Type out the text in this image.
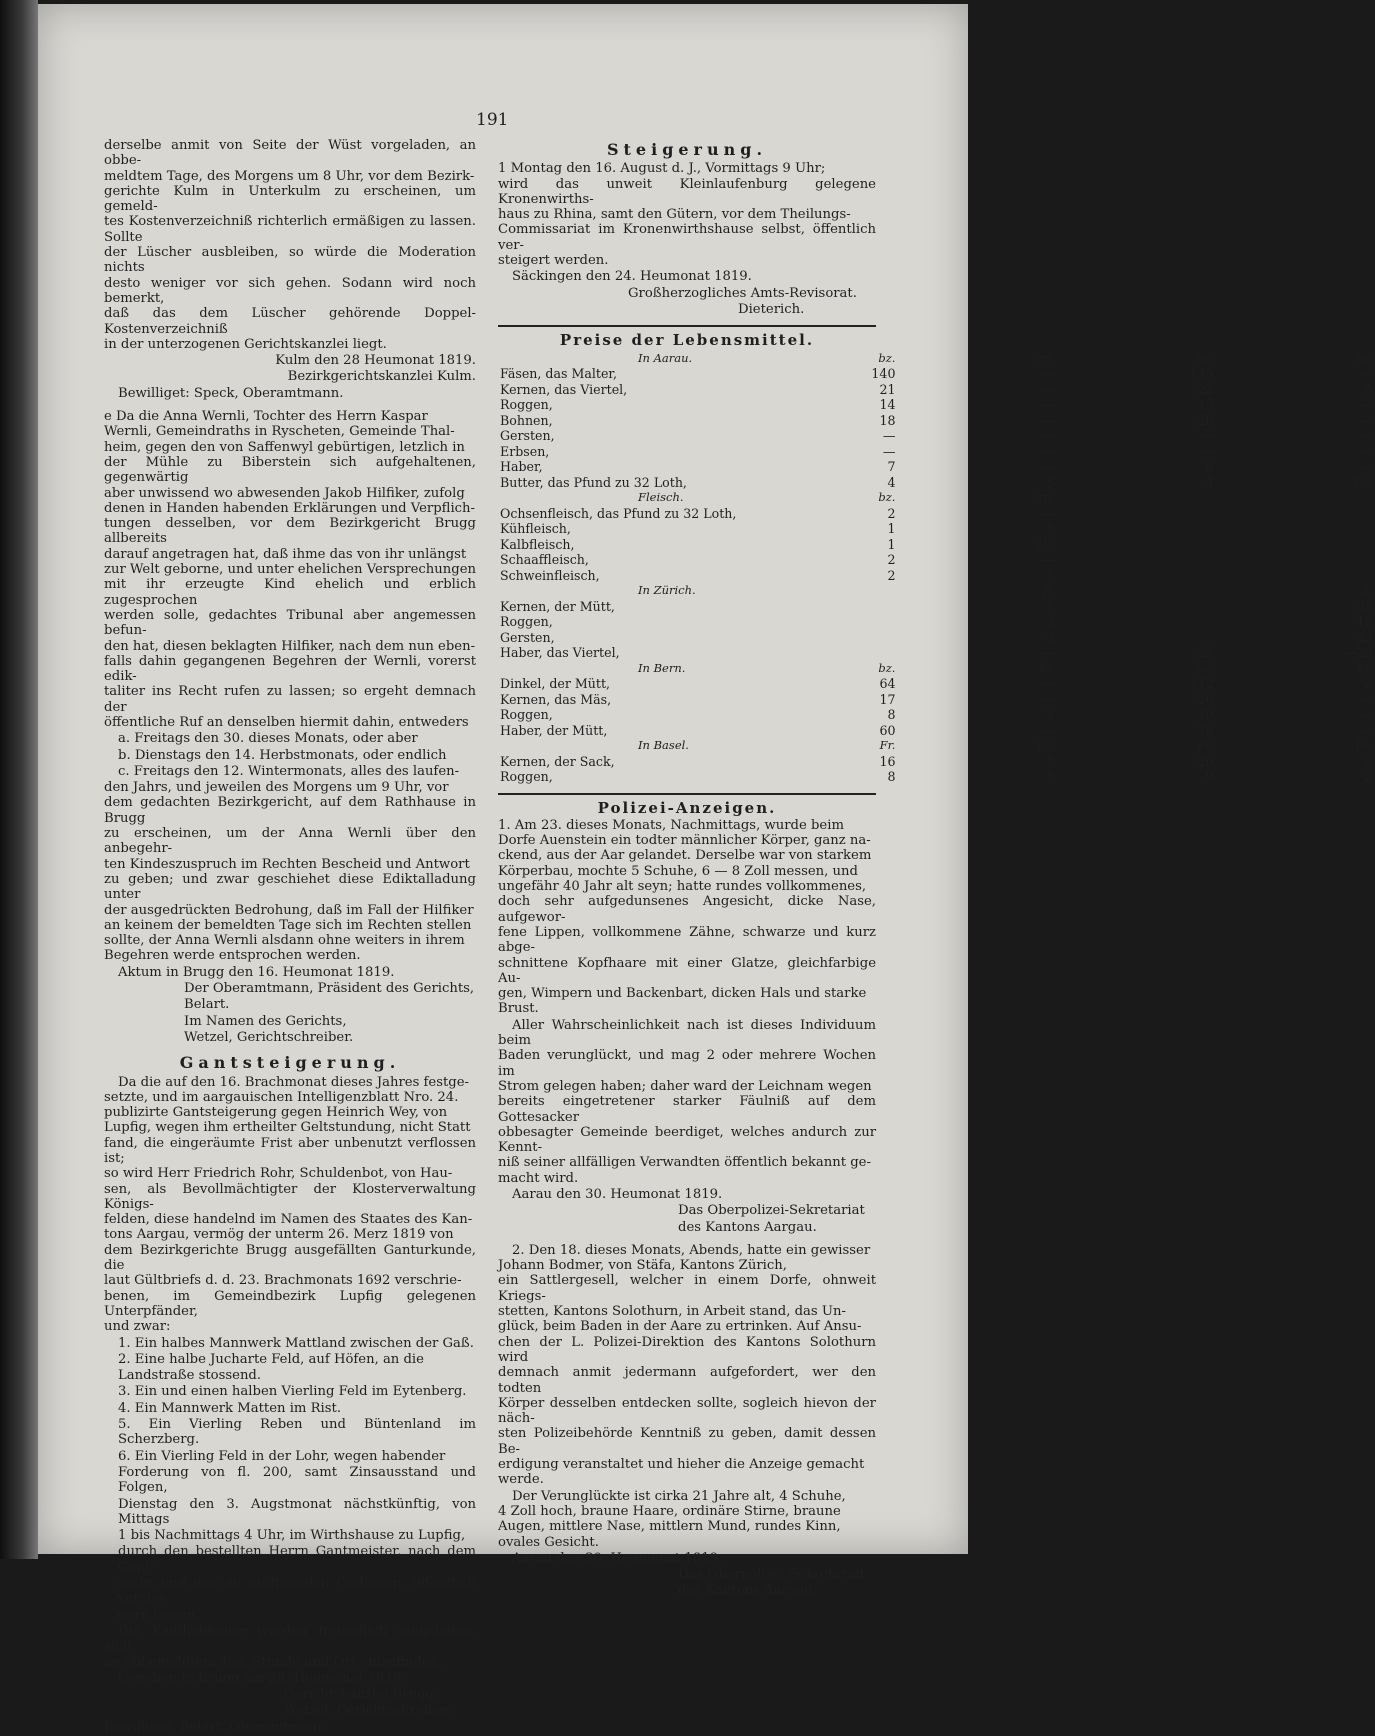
191

derselbe anmit von Seite der Wüst vorgeladen, an obbe-
meldtem Tage, des Morgens um 8 Uhr, vor dem Bezirk-
gerichte Kulm in Unterkulm zu erscheinen, um gemeld-
tes Kostenverzeichniß richterlich ermäßigen zu lassen. Sollte
der Lüscher ausbleiben, so würde die Moderation nichts
desto weniger vor sich gehen. Sodann wird noch bemerkt,
daß das dem Lüscher gehörende Doppel-Kostenverzeichniß
in der unterzogenen Gerichtskanzlei liegt.

Kulm den 28 Heumonat 1819.

Bezirkgerichtskanzlei Kulm.

Bewilliget: Speck, Oberamtmann.

e Da die Anna Wernli, Tochter des Herrn Kaspar
Wernli, Gemeindraths in Ryscheten, Gemeinde Thal-
heim, gegen den von Saffenwyl gebürtigen, letzlich in
der Mühle zu Biberstein sich aufgehaltenen, gegenwärtig
aber unwissend wo abwesenden Jakob Hilfiker, zufolg
denen in Handen habenden Erklärungen und Verpflich-
tungen desselben, vor dem Bezirkgericht Brugg allbereits
darauf angetragen hat, daß ihme das von ihr unlängst
zur Welt geborne, und unter ehelichen Versprechungen
mit ihr erzeugte Kind ehelich und erblich zugesprochen
werden solle, gedachtes Tribunal aber angemessen befun-
den hat, diesen beklagten Hilfiker, nach dem nun eben-
falls dahin gegangenen Begehren der Wernli, vorerst edik-
taliter ins Recht rufen zu lassen; so ergeht demnach der
öffentliche Ruf an denselben hiermit dahin, entweders

a. Freitags den 30. dieses Monats, oder aber

b. Dienstags den 14. Herbstmonats, oder endlich

c. Freitags den 12. Wintermonats, alles des laufen-

den Jahrs, und jeweilen des Morgens um 9 Uhr, vor
dem gedachten Bezirkgericht, auf dem Rathhause in Brugg
zu erscheinen, um der Anna Wernli über den anbegehr-
ten Kindeszuspruch im Rechten Bescheid und Antwort
zu geben; und zwar geschiehet diese Ediktalladung unter
der ausgedrückten Bedrohung, daß im Fall der Hilfiker
an keinem der bemeldten Tage sich im Rechten stellen
sollte, der Anna Wernli alsdann ohne weiters in ihrem
Begehren werde entsprochen werden.

Aktum in Brugg den 16. Heumonat 1819.

Der Oberamtmann, Präsident des Gerichts,

Belart.

Im Namen des Gerichts,

Wetzel, Gerichtschreiber.

Gantsteigerung.

Da die auf den 16. Brachmonat dieses Jahres festge-
setzte, und im aargauischen Intelligenzblatt Nro. 24.
publizirte Gantsteigerung gegen Heinrich Wey, von
Lupfig, wegen ihm ertheilter Geltstundung, nicht Statt
fand, die eingeräumte Frist aber unbenutzt verflossen ist;
so wird Herr Friedrich Rohr, Schuldenbot, von Hau-
sen, als Bevollmächtigter der Klosterverwaltung Königs-
felden, diese handelnd im Namen des Staates des Kan-
tons Aargau, vermög der unterm 26. Merz 1819 von
dem Bezirkgerichte Brugg ausgefällten Ganturkunde, die
laut Gültbriefs d. d. 23. Brachmonats 1692 verschrie-
benen, im Gemeindbezirk Lupfig gelegenen Unterpfänder,
und zwar:

1. Ein halbes Mannwerk Mattland zwischen der Gaß.

2. Eine halbe Jucharte Feld, auf Höfen, an die

Landstraße stossend.

3. Ein und einen halben Vierling Feld im Eytenberg.

4. Ein Mannwerk Matten im Rist.

5. Ein Vierling Reben und Büntenland im Scherzberg.

6. Ein Vierling Feld in der Lohr, wegen habender

Forderung von fl. 200, samt Zinsausstand und Folgen,

Dienstag den 3. Augstmonat nächstkünftig, von Mittags

1 bis Nachmittags 4 Uhr, im Wirthshause zu Lupfig,

durch den bestellten Herrn Gantmeister, nach dem Gant-

recht und den zu eröffnenden Gedingen, öffentlich verstei-

gern lassen.

Die Kaufliebhaber werden freundlich eingeladen, sich
an obbemeldtem Tag, Stunde und Ort einzufinden.

Gegeben in Brugg am 28. Heumonat 1819.

Gerichtskanzlei Brugg.

Wetzel, Gerichtschreiber.

Bewilliget: Belart, Oberamtmann.

Steigerung.

1 Montag den 16. August d. J., Vormittags 9 Uhr;
wird das unweit Kleinlaufenburg gelegene Kronenwirths-
haus zu Rhina, samt den Gütern, vor dem Theilungs-
Commissariat im Kronenwirthshause selbst, öffentlich ver-
steigert werden.

Säckingen den 24. Heumonat 1819.

Großherzogliches Amts-Revisorat.

Dieterich.

Preise der Lebensmittel.
In Aarau.	bz.	rp.	bz.	rp.
Fäsen, das Malter,	140	—	145	—
Kernen, das Viertel,	21	—	22	5
Roggen,	14	—	15	—
Bohnen,	18	—	20	—
Gersten,	—	—	—	—
Erbsen,	—	—	—	—
Haber,	7	—	8	—
Butter, das Pfund zu 32 Loth,	4	5	4	7½
Fleisch.	bz.	rp.		
Ochsenfleisch, das Pfund zu 32 Loth,	2	—		
Kühfleisch,	1	5		
Kalbfleisch,	1	7½		
Schaaffleisch,	2	—		
Schweinfleisch,	2	5		
In Zürich.		fl.		ß.
Kernen, der Mütt,		5		35
Roggen,		3		15
Gersten,		2		23
Haber, das Viertel,		—	21	—25
In Bern.	bz.	kr.	bz.	kr.
Dinkel, der Mütt,	64	—	112	2
Kernen, das Mäs,	17	—	20	—
Roggen,	8	2	10	—
Haber, der Mütt,	60	—	78	—
In Basel.	Fr.	bz.	Fr.	bz.
Kernen, der Sack,	16	5	20	5
Roggen,	8	5	9	2
Polizei-Anzeigen.

1. Am 23. dieses Monats, Nachmittags, wurde beim
Dorfe Auenstein ein todter männlicher Körper, ganz na-
ckend, aus der Aar gelandet. Derselbe war von starkem
Körperbau, mochte 5 Schuhe, 6 — 8 Zoll messen, und
ungefähr 40 Jahr alt seyn; hatte rundes vollkommenes,
doch sehr aufgedunsenes Angesicht, dicke Nase, aufgewor-
fene Lippen, vollkommene Zähne, schwarze und kurz abge-
schnittene Kopfhaare mit einer Glatze, gleichfarbige Au-
gen, Wimpern und Backenbart, dicken Hals und starke
Brust.

Aller Wahrscheinlichkeit nach ist dieses Individuum beim
Baden verunglückt, und mag 2 oder mehrere Wochen im
Strom gelegen haben; daher ward der Leichnam wegen
bereits eingetretener starker Fäulniß auf dem Gottesacker
obbesagter Gemeinde beerdiget, welches andurch zur Kennt-
niß seiner allfälligen Verwandten öffentlich bekannt ge-
macht wird.

Aarau den 30. Heumonat 1819.

Das Oberpolizei-Sekretariat

des Kantons Aargau.

2. Den 18. dieses Monats, Abends, hatte ein gewisser
Johann Bodmer, von Stäfa, Kantons Zürich,
ein Sattlergesell, welcher in einem Dorfe, ohnweit Kriegs-
stetten, Kantons Solothurn, in Arbeit stand, das Un-
glück, beim Baden in der Aare zu ertrinken. Auf Ansu-
chen der L. Polizei-Direktion des Kantons Solothurn wird
demnach anmit jedermann aufgefordert, wer den todten
Körper desselben entdecken sollte, sogleich hievon der näch-
sten Polizeibehörde Kenntniß zu geben, damit dessen Be-
erdigung veranstaltet und hieher die Anzeige gemacht
werde.

Der Verunglückte ist cirka 21 Jahre alt, 4 Schuhe,
4 Zoll hoch, braune Haare, ordinäre Stirne, braune
Augen, mittlere Nase, mittlern Mund, rundes Kinn,
ovales Gesicht.

Aarau den 30. Heumonat 1819.

Das Oberpolizei-Sekretariat

des Kantons Aargau.
